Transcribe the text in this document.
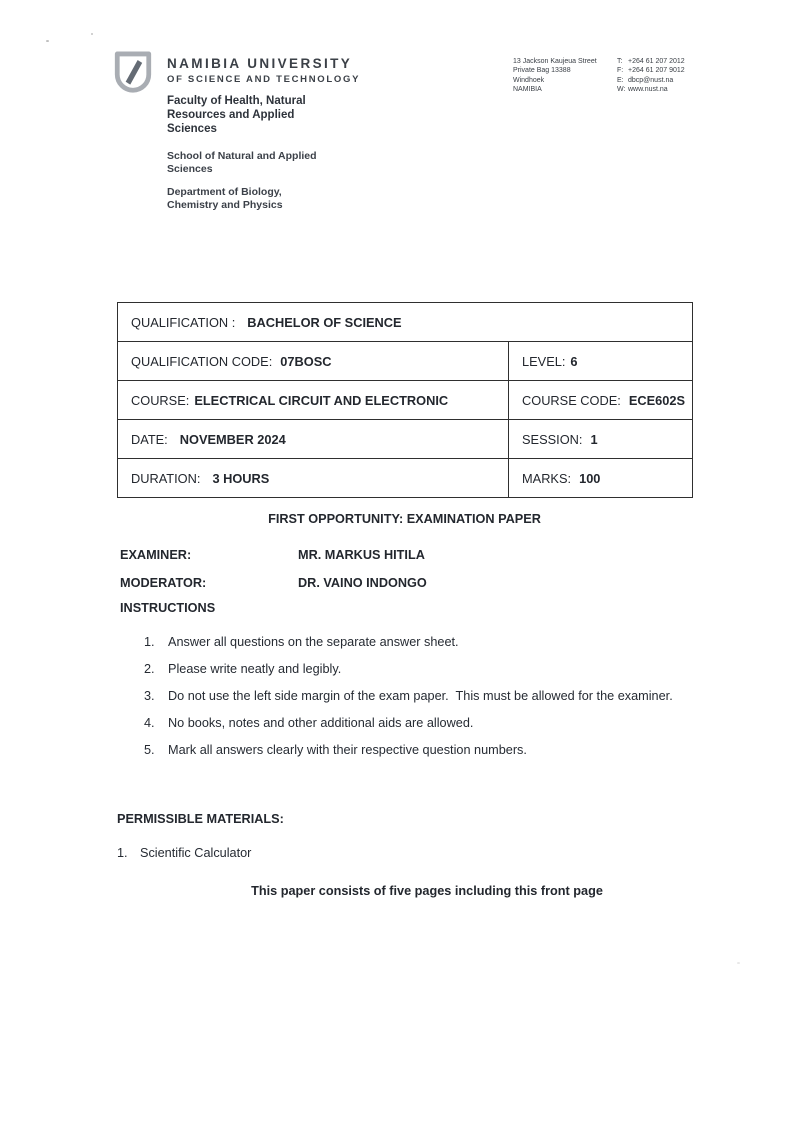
NAMIBIA UNIVERSITY
OF SCIENCE AND TECHNOLOGY
Faculty of Health, Natural
Resources and Applied
Sciences
School of Natural and Applied
Sciences
Department of Biology,
Chemistry and Physics
13 Jackson Kaujeua Street
Private Bag 13388
Windhoek
NAMIBIA
T: +264 61 207 2012
F: +264 61 207 9012
E: dbcp@nust.na
W: www.nust.na
QUALIFICATION : BACHELOR OF SCIENCE	
QUALIFICATION CODE: 07BOSC	LEVEL: 6
COURSE: ELECTRICAL CIRCUIT AND ELECTRONIC	COURSE CODE: ECE602S
DATE: NOVEMBER 2024	SESSION: 1
DURATION: 3 HOURS	MARKS: 100
FIRST OPPORTUNITY: EXAMINATION PAPER
EXAMINER:	MR. MARKUS HITILA
MODERATOR:	DR. VAINO INDONGO
INSTRUCTIONS
1.	Answer all questions on the separate answer sheet.
2.	Please write neatly and legibly.
3.	Do not use the left side margin of the exam paper.  This must be allowed for the examiner.
4.	No books, notes and other additional aids are allowed.
5.	Mark all answers clearly with their respective question numbers.
PERMISSIBLE MATERIALS:
1. Scientific Calculator
This paper consists of five pages including this front page
